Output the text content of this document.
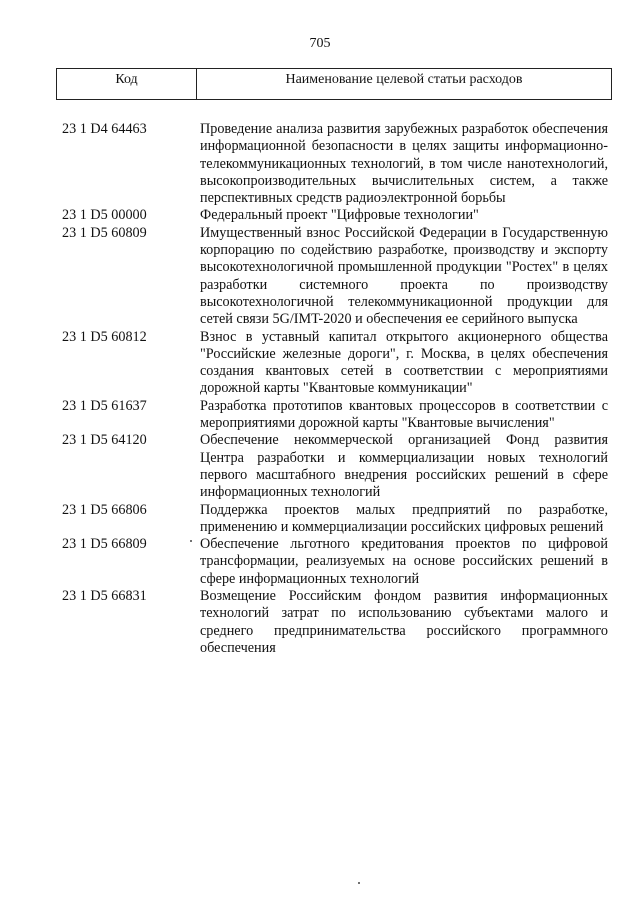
705
Код	Наименование целевой статьи расходов
23 1 D4 64463	Проведение анализа развития зарубежных разработок обеспечения информационной безопасности в целях защиты информационно-телекоммуникационных технологий, в том числе нанотехнологий, высокопроизводительных вычислительных систем, а также перспективных средств радиоэлектронной борьбы
23 1 D5 00000	Федеральный проект "Цифровые технологии"
23 1 D5 60809	Имущественный взнос Российской Федерации в Государственную корпорацию по содействию разработке, производству и экспорту высокотехнологичной промышленной продукции "Ростех" в целях разработки системного проекта по производству высокотехнологичной телекоммуникационной продукции для сетей связи 5G/IMT-2020 и обеспечения ее серийного выпуска
23 1 D5 60812	Взнос в уставный капитал открытого акционерного общества "Российские железные дороги", г. Москва, в целях обеспечения создания квантовых сетей в соответствии с мероприятиями дорожной карты "Квантовые коммуникации"
23 1 D5 61637	Разработка прототипов квантовых процессоров в соответствии с мероприятиями дорожной карты "Квантовые вычисления"
23 1 D5 64120	Обеспечение некоммерческой организацией Фонд развития Центра разработки и коммерциализации новых технологий первого масштабного внедрения российских решений в сфере информационных технологий
23 1 D5 66806	Поддержка проектов малых предприятий по разработке, применению и коммерциализации российских цифровых решений
23 1 D5 66809	Обеспечение льготного кредитования проектов по цифровой трансформации, реализуемых на основе российских решений в сфере информационных технологий
23 1 D5 66831	Возмещение Российским фондом развития информационных технологий затрат по использованию субъектами малого и среднего предпринимательства российского программного обеспечения
